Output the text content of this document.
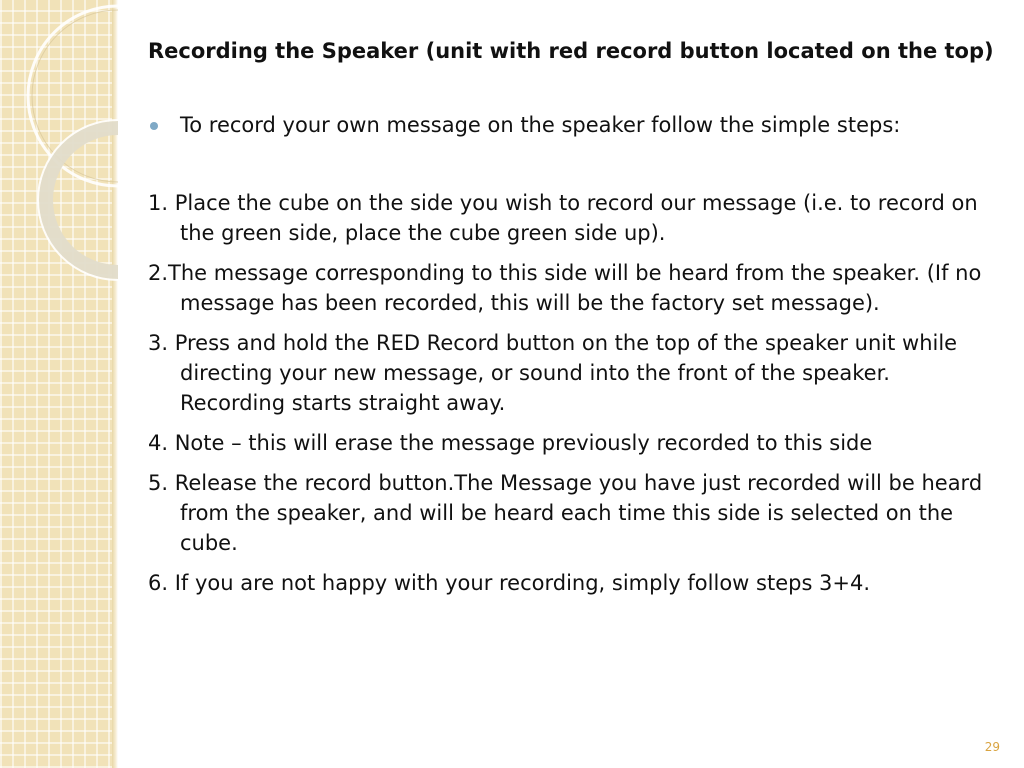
Recording the Speaker (unit with red record button located on the top)

To record your own message on the speaker follow the simple steps:

1. Place the cube on the side you wish to record our message (i.e. to record on the green side, place the cube green side up).

2.The message corresponding to this side will be heard from the speaker. (If no message has been recorded, this will be the factory set message).

3. Press and hold the RED Record button on the top of the speaker unit while directing your new message, or sound into the front of the speaker. Recording starts straight away.

4. Note – this will erase the message previously recorded to this side

5. Release the record button.The Message you have just recorded will be heard from the speaker, and will be heard each time this side is selected on the cube.

6. If you are not happy with your recording, simply follow steps 3+4.

29
